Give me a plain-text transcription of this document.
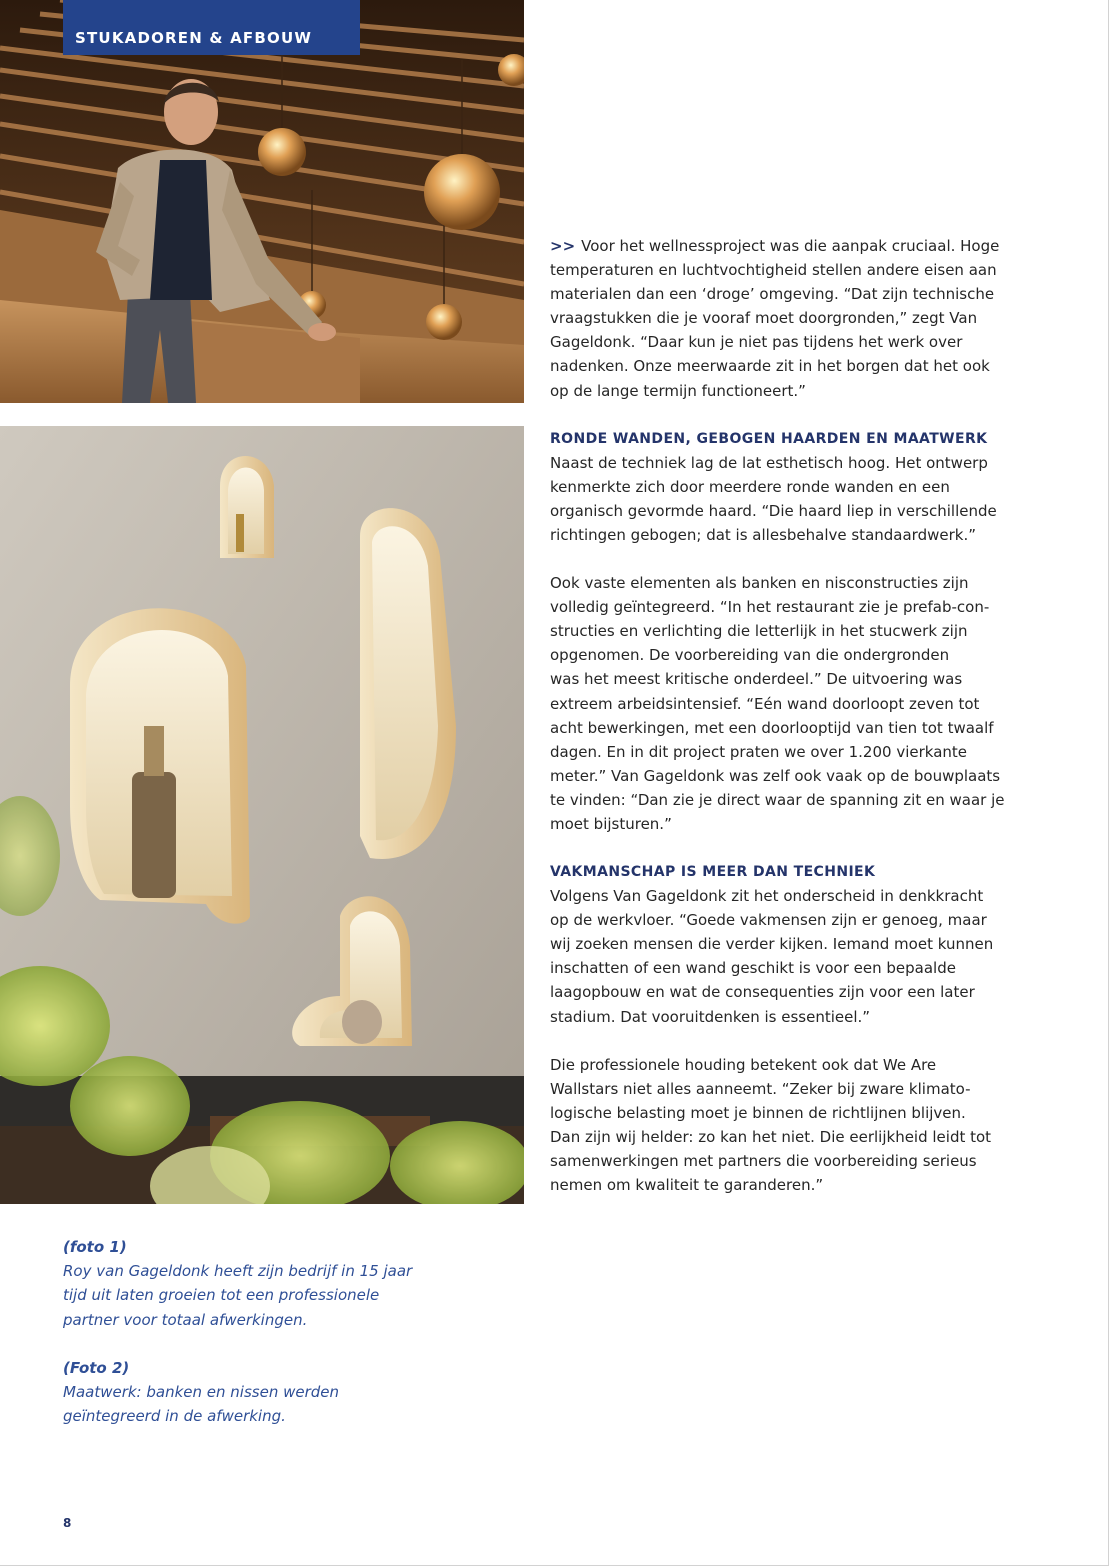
STUKADOREN & AFBOUW

>> Voor het wellnessproject was die aanpak cruciaal. Hoge
temperaturen en luchtvochtigheid stellen andere eisen aan
materialen dan een ‘droge’ omgeving. “Dat zijn technische
vraagstukken die je vooraf moet doorgronden,” zegt Van
Gageldonk. “Daar kun je niet pas tijdens het werk over
nadenken. Onze meerwaarde zit in het borgen dat het ook
op de lange termijn functioneert.”

RONDE WANDEN, GEBOGEN HAARDEN EN MAATWERK

Naast de techniek lag de lat esthetisch hoog. Het ontwerp
kenmerkte zich door meerdere ronde wanden en een
organisch gevormde haard. “Die haard liep in verschillende
richtingen gebogen; dat is allesbehalve standaardwerk.”

Ook vaste elementen als banken en nisconstructies zijn
volledig geïntegreerd. “In het restaurant zie je prefab-con-
structies en verlichting die letterlijk in het stucwerk zijn
opgenomen. De voorbereiding van die ondergronden
was het meest kritische onderdeel.” De uitvoering was
extreem arbeidsintensief. “Eén wand doorloopt zeven tot
acht bewerkingen, met een doorlooptijd van tien tot twaalf
dagen. En in dit project praten we over 1.200 vierkante
meter.” Van Gageldonk was zelf ook vaak op de bouwplaats
te vinden: “Dan zie je direct waar de spanning zit en waar je
moet bijsturen.”

VAKMANSCHAP IS MEER DAN TECHNIEK

Volgens Van Gageldonk zit het onderscheid in denkkracht
op de werkvloer. “Goede vakmensen zijn er genoeg, maar
wij zoeken mensen die verder kijken. Iemand moet kunnen
inschatten of een wand geschikt is voor een bepaalde
laagopbouw en wat de consequenties zijn voor een later
stadium. Dat vooruitdenken is essentieel.”

Die professionele houding betekent ook dat We Are
Wallstars niet alles aanneemt. “Zeker bij zware klimato-
logische belasting moet je binnen de richtlijnen blijven.
Dan zijn wij helder: zo kan het niet. Die eerlijkheid leidt tot
samenwerkingen met partners die voorbereiding serieus
nemen om kwaliteit te garanderen.”

(foto 1)

Roy van Gageldonk heeft zijn bedrijf in 15 jaar
tijd uit laten groeien tot een professionele
partner voor totaal afwerkingen.

(Foto 2)

Maatwerk: banken en nissen werden
geïntegreerd in de afwerking.

8
